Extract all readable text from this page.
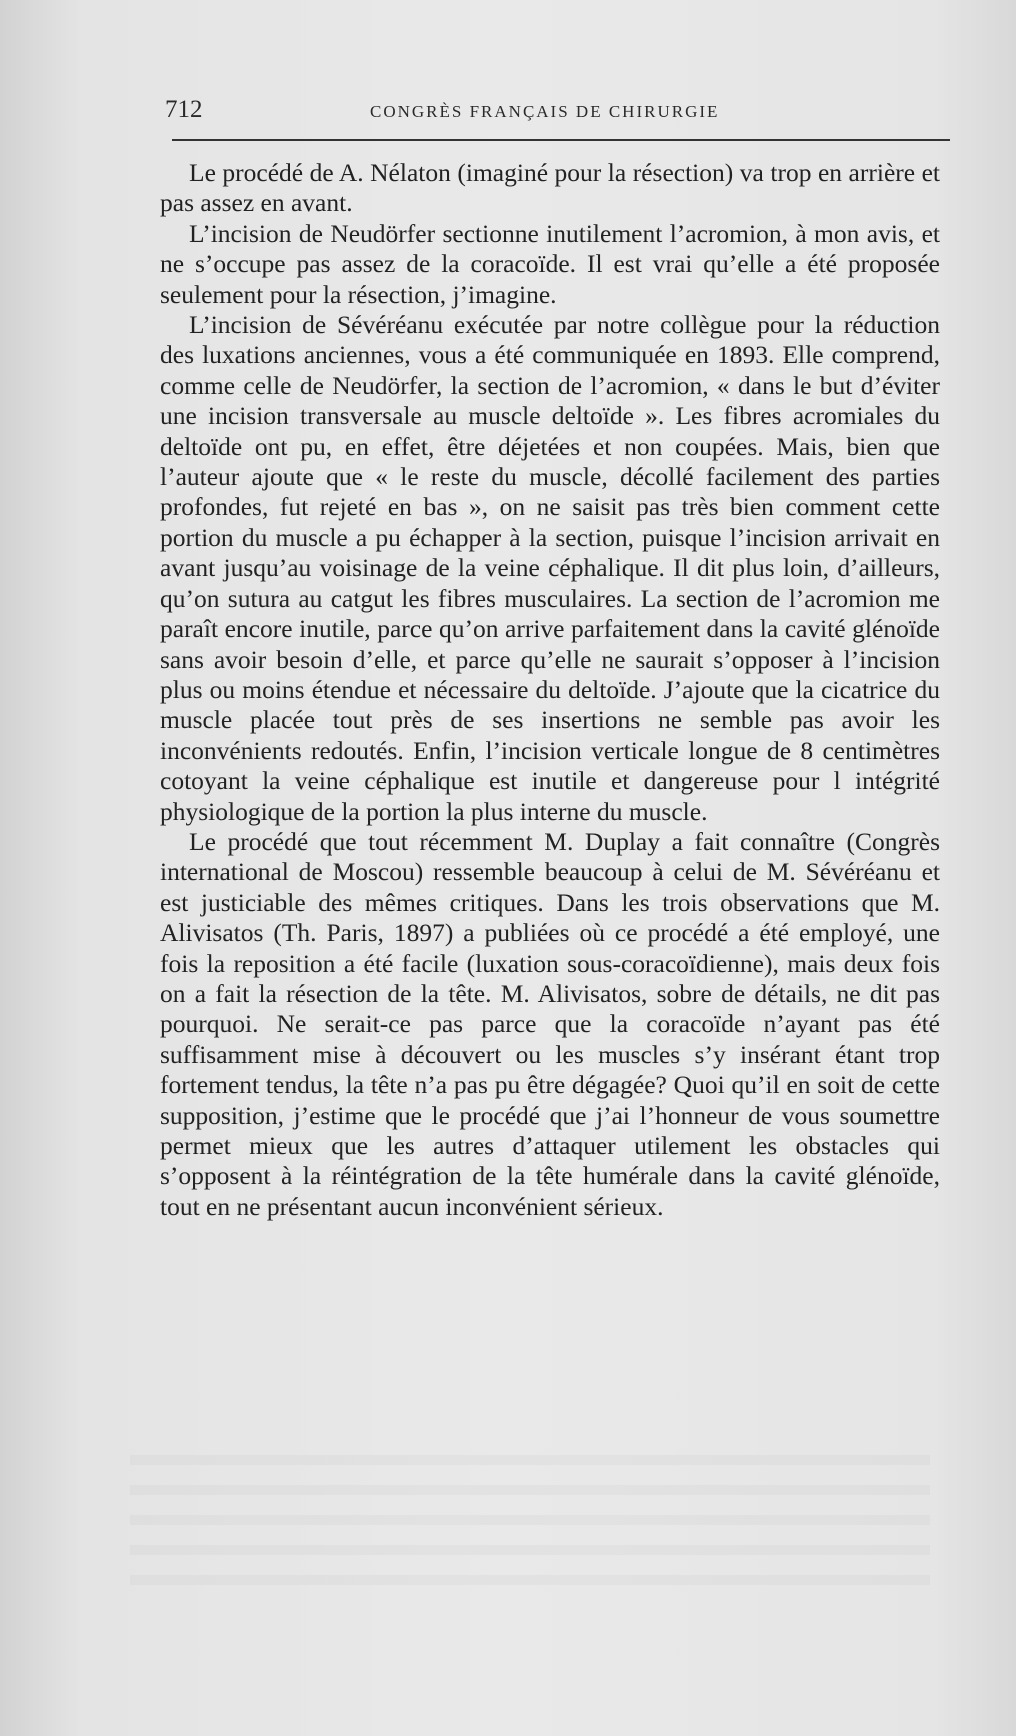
712	CONGRÈS FRANÇAIS DE CHIRURGIE

Le procédé de A. Nélaton (imaginé pour la résection) va trop en arrière et pas assez en avant.

L’incision de Neudörfer sectionne inutilement l’acromion, à mon avis, et ne s’occupe pas assez de la coracoïde. Il est vrai qu’elle a été proposée seulement pour la résection, j’imagine.

L’incision de Sévéréanu exécutée par notre collègue pour la réduction des luxations anciennes, vous a été communiquée en 1893. Elle comprend, comme celle de Neudörfer, la section de l’acromion, « dans le but d’éviter une incision transversale au muscle deltoïde ». Les fibres acromiales du deltoïde ont pu, en effet, être déjetées et non coupées. Mais, bien que l’auteur ajoute que « le reste du muscle, décollé facilement des parties profondes, fut rejeté en bas », on ne saisit pas très bien comment cette portion du muscle a pu échapper à la section, puisque l’incision arrivait en avant jusqu’au voisinage de la veine céphalique. Il dit plus loin, d’ailleurs, qu’on sutura au catgut les fibres musculaires. La section de l’acromion me paraît encore inutile, parce qu’on arrive parfaitement dans la cavité glénoïde sans avoir besoin d’elle, et parce qu’elle ne saurait s’opposer à l’incision plus ou moins étendue et nécessaire du deltoïde. J’ajoute que la cicatrice du muscle placée tout près de ses insertions ne semble pas avoir les inconvénients redoutés. Enfin, l’incision verticale longue de 8 centimètres cotoyant la veine céphalique est inutile et dangereuse pour l intégrité physiologique de la portion la plus interne du muscle.

Le procédé que tout récemment M. Duplay a fait connaître (Congrès international de Moscou) ressemble beaucoup à celui de M. Sévéréanu et est justiciable des mêmes critiques. Dans les trois observations que M. Alivisatos (Th. Paris, 1897) a publiées où ce procédé a été employé, une fois la reposition a été facile (luxation sous-coracoïdienne), mais deux fois on a fait la résection de la tête. M. Alivisatos, sobre de détails, ne dit pas pourquoi. Ne serait-ce pas parce que la coracoïde n’ayant pas été suffisamment mise à découvert ou les muscles s’y insérant étant trop fortement tendus, la tête n’a pas pu être dégagée? Quoi qu’il en soit de cette supposition, j’estime que le procédé que j’ai l’honneur de vous soumettre permet mieux que les autres d’attaquer utilement les obstacles qui s’opposent à la réintégration de la tête humérale dans la cavité glénoïde, tout en ne présentant aucun inconvénient sérieux.
